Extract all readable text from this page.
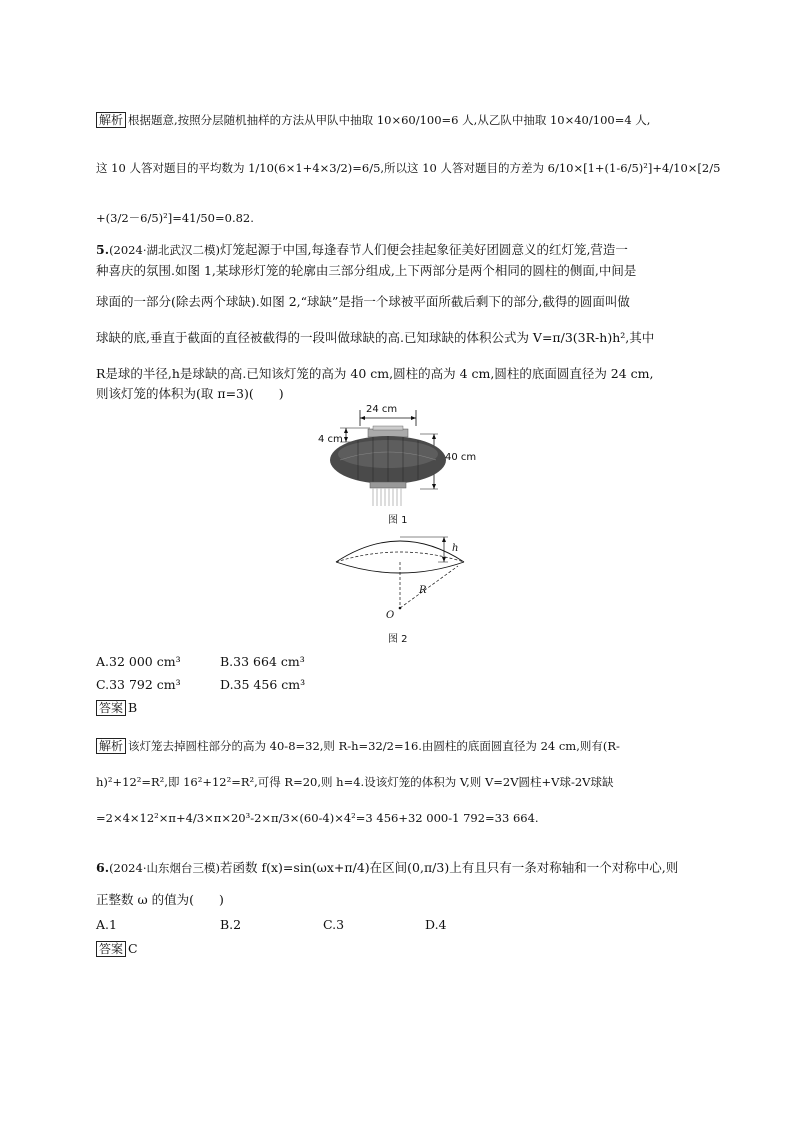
解析 根据题意,按照分层随机抽样的方法从甲队中抽取 10×60/100=6 人,从乙队中抽取 10×40/100=4 人,
这 10 人答对题目的平均数为 1/10(6×1+4×3/2)=6/5,所以这 10 人答对题目的方差为 6/10×[1+(1-6/5)²]+4/10×[2/5
+(3/2－6/5)²]=41/50=0.82.
5.(2024·湖北武汉二模)灯笼起源于中国,每逢春节人们便会挂起象征美好团圆意义的红灯笼,营造一
种喜庆的氛围.如图 1,某球形灯笼的轮廓由三部分组成,上下两部分是两个相同的圆柱的侧面,中间是
球面的一部分(除去两个球缺).如图 2,“球缺”是指一个球被平面所截后剩下的部分,截得的圆面叫做
球缺的底,垂直于截面的直径被截得的一段叫做球缺的高.已知球缺的体积公式为 V=π/3(3R-h)h²,其中
R是球的半径,h是球缺的高.已知该灯笼的高为 40 cm,圆柱的高为 4 cm,圆柱的底面圆直径为 24 cm,
则该灯笼的体积为(取 π=3)(　　)
24 cm
4 cm
40 cm
图 1
h
R
O
图 2
A.32 000 cm³	B.33 664 cm³
C.33 792 cm³	D.35 456 cm³
答案 B
解析 该灯笼去掉圆柱部分的高为 40-8=32,则 R-h=32/2=16.由圆柱的底面圆直径为 24 cm,则有(R-
h)²+12²=R²,即 16²+12²=R²,可得 R=20,则 h=4.设该灯笼的体积为 V,则 V=2V圆柱+V球-2V球缺
=2×4×12²×π+4/3×π×20³-2×π/3×(60-4)×4²=3 456+32 000-1 792=33 664.
6.(2024·山东烟台三模)若函数 f(x)=sin(ωx+π/4)在区间(0,π/3)上有且只有一条对称轴和一个对称中心,则
正整数 ω 的值为(　　)
A.1	B.2	C.3	D.4
答案 C
